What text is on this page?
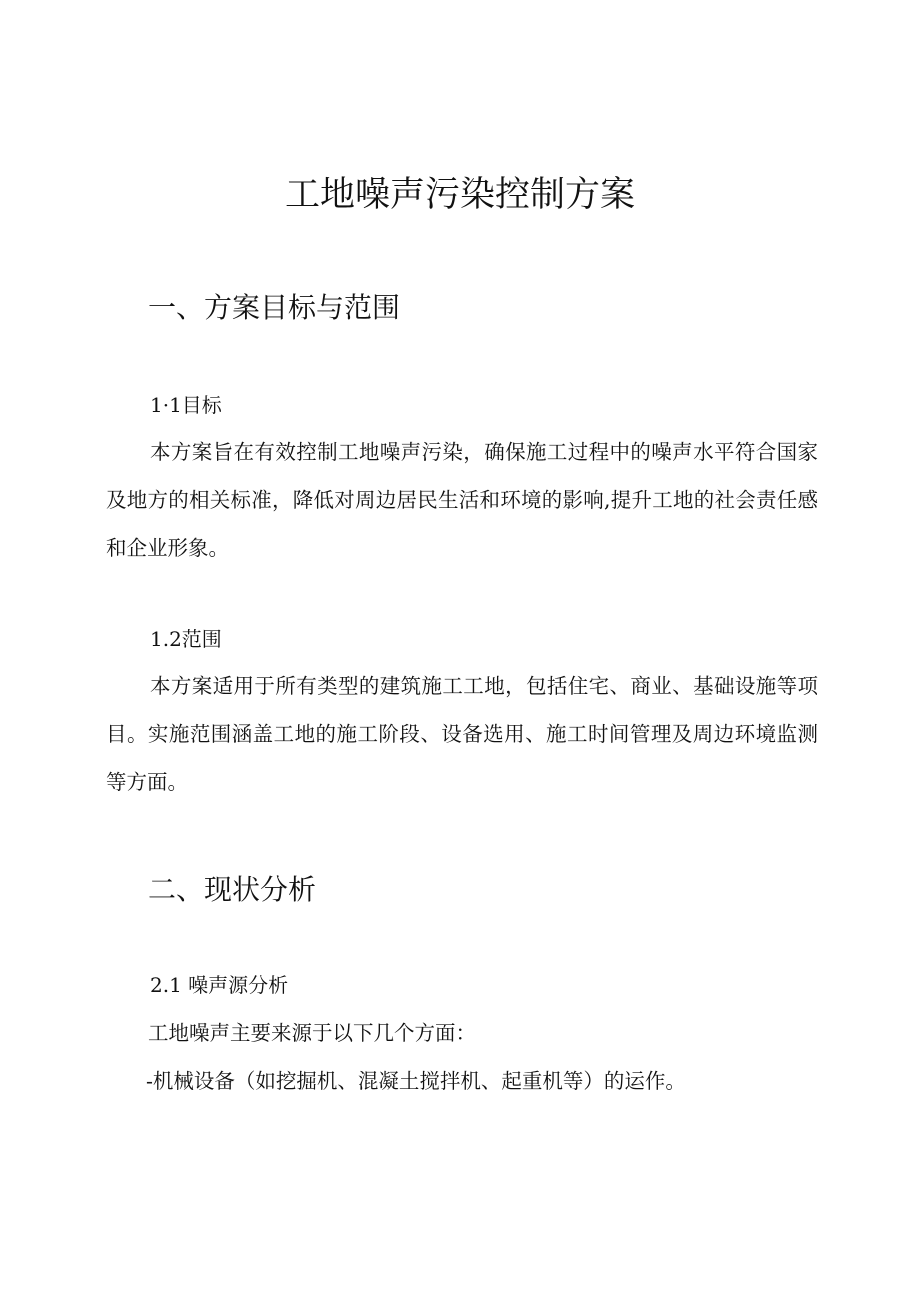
工地噪声污染控制方案
一、方案目标与范围
1·1目标

本方案旨在有效控制工地噪声污染，确保施工过程中的噪声水平符合国家及地方的相关标准，降低对周边居民生活和环境的影响,提升工地的社会责任感和企业形象。

1.2范围

本方案适用于所有类型的建筑施工工地，包括住宅、商业、基础设施等项目。实施范围涵盖工地的施工阶段、设备选用、施工时间管理及周边环境监测等方面。

二、现状分析
2.1 噪声源分析

工地噪声主要来源于以下几个方面：

-机械设备（如挖掘机、混凝土搅拌机、起重机等）的运作。
